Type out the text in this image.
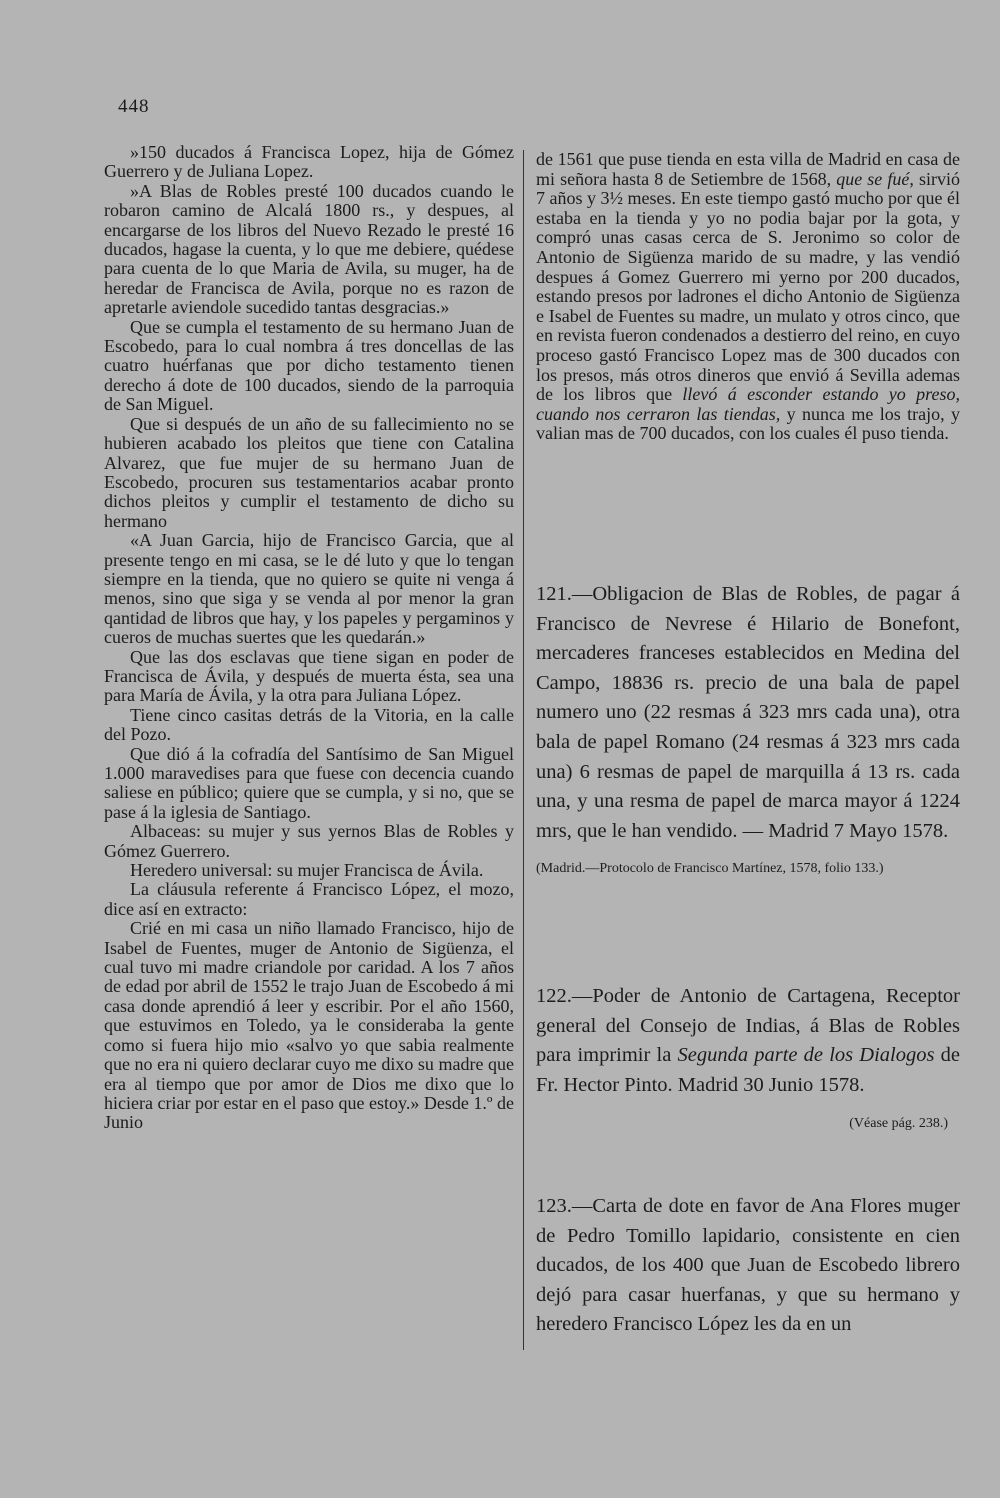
448

»150 ducados á Francisca Lopez, hija de Gómez Guerrero y de Juliana Lopez.

»A Blas de Robles presté 100 ducados cuando le robaron camino de Alcalá 1800 rs., y despues, al encargarse de los libros del Nuevo Rezado le presté 16 ducados, hagase la cuenta, y lo que me debiere, quédese para cuenta de lo que Maria de Avila, su muger, ha de heredar de Francisca de Avila, porque no es razon de apretarle aviendole sucedido tantas desgracias.»

Que se cumpla el testamento de su hermano Juan de Escobedo, para lo cual nombra á tres doncellas de las cuatro huérfanas que por dicho testamento tienen derecho á dote de 100 ducados, siendo de la parroquia de San Miguel.

Que si después de un año de su fallecimiento no se hubieren acabado los pleitos que tiene con Catalina Alvarez, que fue mujer de su hermano Juan de Escobedo, procuren sus testamentarios acabar pronto dichos pleitos y cumplir el testamento de dicho su hermano

«A Juan Garcia, hijo de Francisco Garcia, que al presente tengo en mi casa, se le dé luto y que lo tengan siempre en la tienda, que no quiero se quite ni venga á menos, sino que siga y se venda al por menor la gran qantidad de libros que hay, y los papeles y pergaminos y cueros de muchas suertes que les quedarán.»

Que las dos esclavas que tiene sigan en poder de Francisca de Ávila, y después de muerta ésta, sea una para María de Ávila, y la otra para Juliana López.

Tiene cinco casitas detrás de la Vitoria, en la calle del Pozo.

Que dió á la cofradía del Santísimo de San Miguel 1.000 maravedises para que fuese con decencia cuando saliese en público; quiere que se cumpla, y si no, que se pase á la iglesia de Santiago.

Albaceas: su mujer y sus yernos Blas de Robles y Gómez Guerrero.

Heredero universal: su mujer Francisca de Ávila.

La cláusula referente á Francisco López, el mozo, dice así en extracto:

Crié en mi casa un niño llamado Francisco, hijo de Isabel de Fuentes, muger de Antonio de Sigüenza, el cual tuvo mi madre criandole por caridad. A los 7 años de edad por abril de 1552 le trajo Juan de Escobedo á mi casa donde aprendió á leer y escribir. Por el año 1560, que estuvimos en Toledo, ya le consideraba la gente como si fuera hijo mio «salvo yo que sabia realmente que no era ni quiero declarar cuyo me dixo su madre que era al tiempo que por amor de Dios me dixo que lo hiciera criar por estar en el paso que estoy.» Desde 1.º de Junio

de 1561 que puse tienda en esta villa de Madrid en casa de mi señora hasta 8 de Setiembre de 1568, que se fué, sirvió 7 años y 3½ meses. En este tiempo gastó mucho por que él estaba en la tienda y yo no podia bajar por la gota, y compró unas casas cerca de S. Jeronimo so color de Antonio de Sigüenza marido de su madre, y las vendió despues á Gomez Guerrero mi yerno por 200 ducados, estando presos por ladrones el dicho Antonio de Sigüenza e Isabel de Fuentes su madre, un mulato y otros cinco, que en revista fueron condenados a destierro del reino, en cuyo proceso gastó Francisco Lopez mas de 300 ducados con los presos, más otros dineros que envió á Sevilla ademas de los libros que llevó á esconder estando yo preso, cuando nos cerraron las tiendas, y nunca me los trajo, y valian mas de 700 ducados, con los cuales él puso tienda.

121.—Obligacion de Blas de Robles, de pagar á Francisco de Nevrese é Hilario de Bonefont, mercaderes franceses establecidos en Medina del Campo, 18836 rs. precio de una bala de papel numero uno (22 resmas á 323 mrs cada una), otra bala de papel Romano (24 resmas á 323 mrs cada una) 6 resmas de papel de marquilla á 13 rs. cada una, y una resma de papel de marca mayor á 1224 mrs, que le han vendido. — Madrid 7 Mayo 1578.

(Madrid.—Protocolo de Francisco Martínez, 1578, folio 133.)

122.—Poder de Antonio de Cartagena, Receptor general del Consejo de Indias, á Blas de Robles para imprimir la Segunda parte de los Dialogos de Fr. Hector Pinto. Madrid 30 Junio 1578.

(Véase pág. 238.)

123.—Carta de dote en favor de Ana Flores muger de Pedro Tomillo lapidario, consistente en cien ducados, de los 400 que Juan de Escobedo librero dejó para casar huerfanas, y que su hermano y heredero Francisco López les da en un
